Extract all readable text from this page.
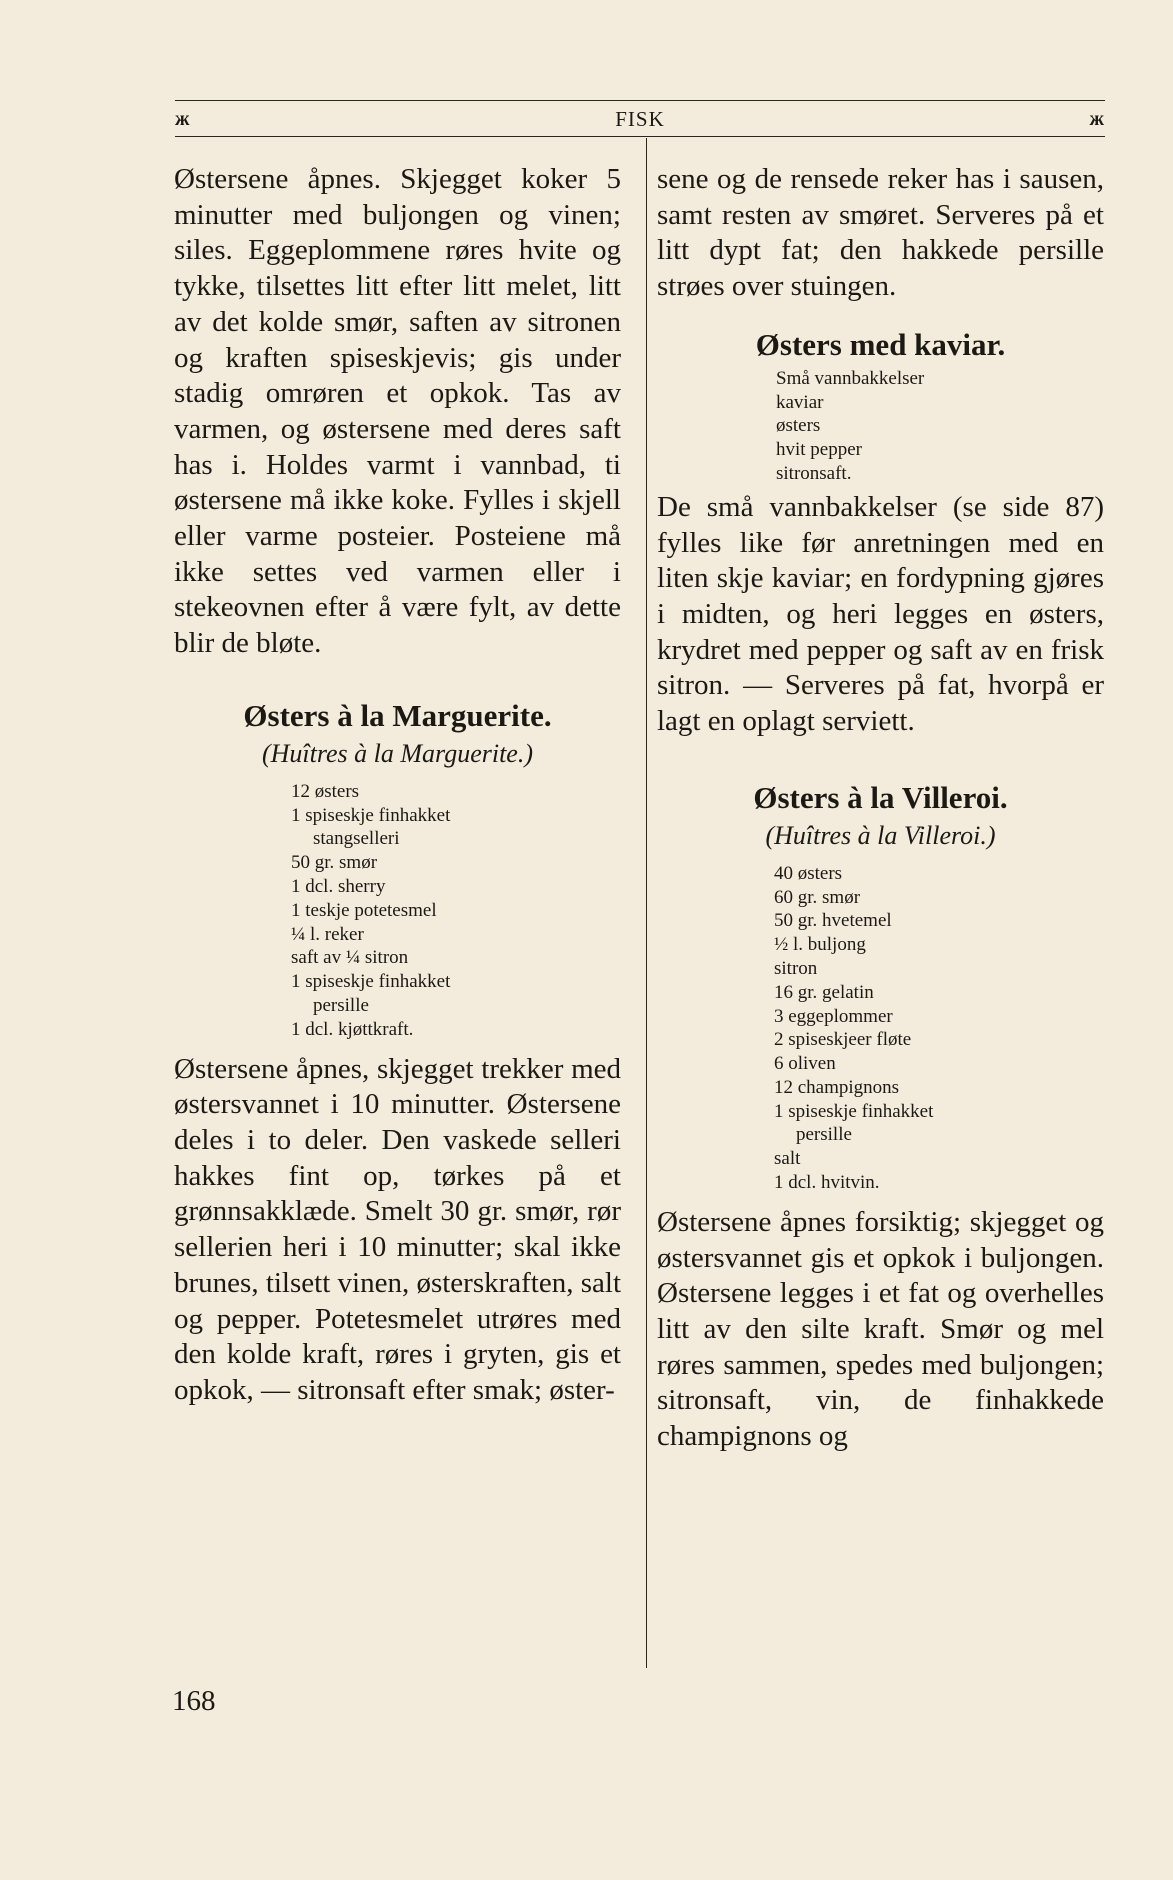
ж	FISK	ж

Østersene åpnes. Skjegget koker 5 minutter med buljongen og vinen; siles. Eggeplommene røres hvite og tykke, tilsettes litt efter litt melet, litt av det kolde smør, saften av sitronen og kraften spiseskjevis; gis under stadig omrøren et opkok. Tas av varmen, og østersene med deres saft has i. Holdes varmt i vannbad, ti østersene må ikke koke. Fylles i skjell eller varme posteier. Posteiene må ikke settes ved varmen eller i stekeovnen efter å være fylt, av dette blir de bløte.

Østers à la Marguerite.

(Huîtres à la Marguerite.)

12 østers
1 spiseskje finhakket
stangselleri
50 gr. smør
1 dcl. sherry
1 teskje potetesmel
¼ l. reker
saft av ¼ sitron
1 spiseskje finhakket
persille
1 dcl. kjøttkraft.

Østersene åpnes, skjegget trekker med østersvannet i 10 minutter. Østersene deles i to deler. Den vaskede selleri hakkes fint op, tørkes på et grønnsakklæde. Smelt 30 gr. smør, rør sellerien heri i 10 minutter; skal ikke brunes, tilsett vinen, østerskraften, salt og pepper. Potetesmelet utrøres med den kolde kraft, røres i gryten, gis et opkok, — sitronsaft efter smak; øster-

sene og de rensede reker has i sausen, samt resten av smøret. Serveres på et litt dypt fat; den hakkede persille strøes over stuingen.

Østers med kaviar.

Små vannbakkelser
kaviar
østers
hvit pepper
sitronsaft.

De små vannbakkelser (se side 87) fylles like før anretningen med en liten skje kaviar; en fordypning gjøres i midten, og heri legges en østers, krydret med pepper og saft av en frisk sitron. — Serveres på fat, hvorpå er lagt en oplagt serviett.

Østers à la Villeroi.

(Huîtres à la Villeroi.)

40 østers
60 gr. smør
50 gr. hvetemel
½ l. buljong
sitron
16 gr. gelatin
3 eggeplommer
2 spiseskjeer fløte
6 oliven
12 champignons
1 spiseskje finhakket
persille
salt
1 dcl. hvitvin.

Østersene åpnes forsiktig; skjegget og østersvannet gis et opkok i buljongen. Østersene legges i et fat og overhelles litt av den silte kraft. Smør og mel røres sammen, spedes med buljongen; sitronsaft, vin, de finhakkede champignons og

168
